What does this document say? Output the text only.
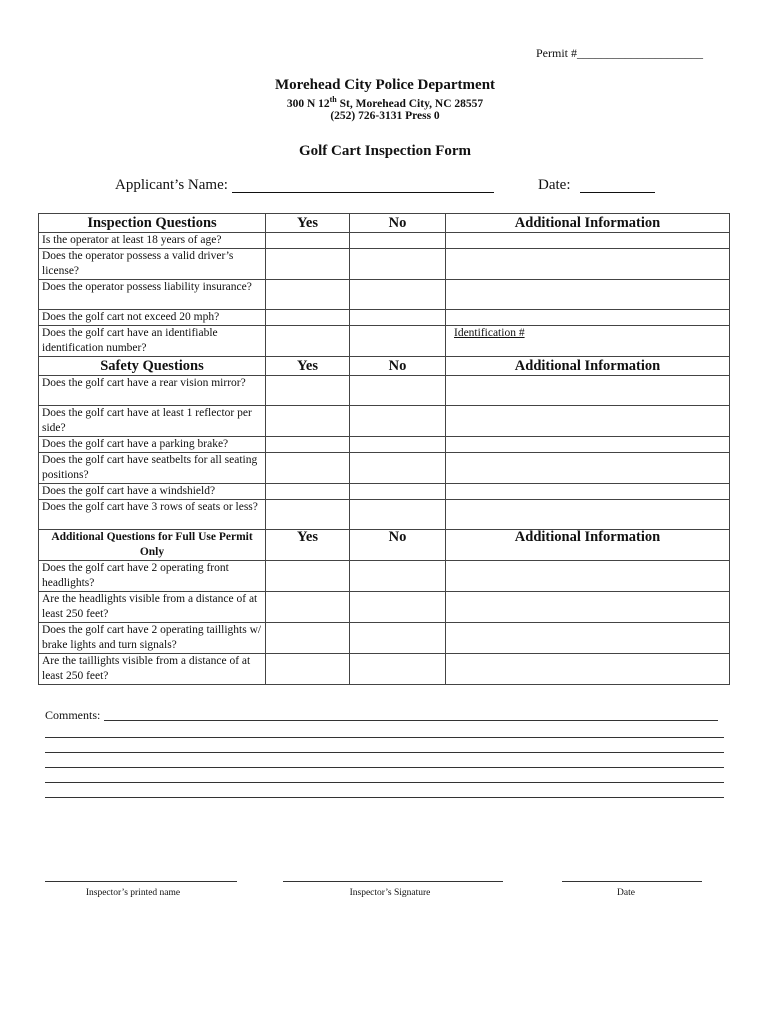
Permit #_____________________
Morehead City Police Department
300 N 12th St, Morehead City, NC 28557
(252) 726-3131 Press 0
Golf Cart Inspection Form
Applicant’s Name:	Date:
Inspection Questions	Yes	No	Additional Information
Is the operator at least 18 years of age?			
Does the operator possess a valid driver’s license?			
Does the operator possess liability insurance?			
Does the golf cart not exceed 20 mph?			
Does the golf cart have an identifiable identification number?			Identification #
Safety Questions	Yes	No	Additional Information
Does the golf cart have a rear vision mirror?			
Does the golf cart have at least 1 reflector per side?			
Does the golf cart have a parking brake?			
Does the golf cart have seatbelts for all seating positions?			
Does the golf cart have a windshield?			
Does the golf cart have 3 rows of seats or less?			
Additional Questions for Full Use Permit Only	Yes	No	Additional Information
Does the golf cart have 2 operating front headlights?			
Are the headlights visible from a distance of at least 250 feet?			
Does the golf cart have 2 operating taillights w/ brake lights and turn signals?			
Are the taillights visible from a distance of at least 250 feet?			
Comments:
Inspector’s printed name	Inspector’s Signature	Date
